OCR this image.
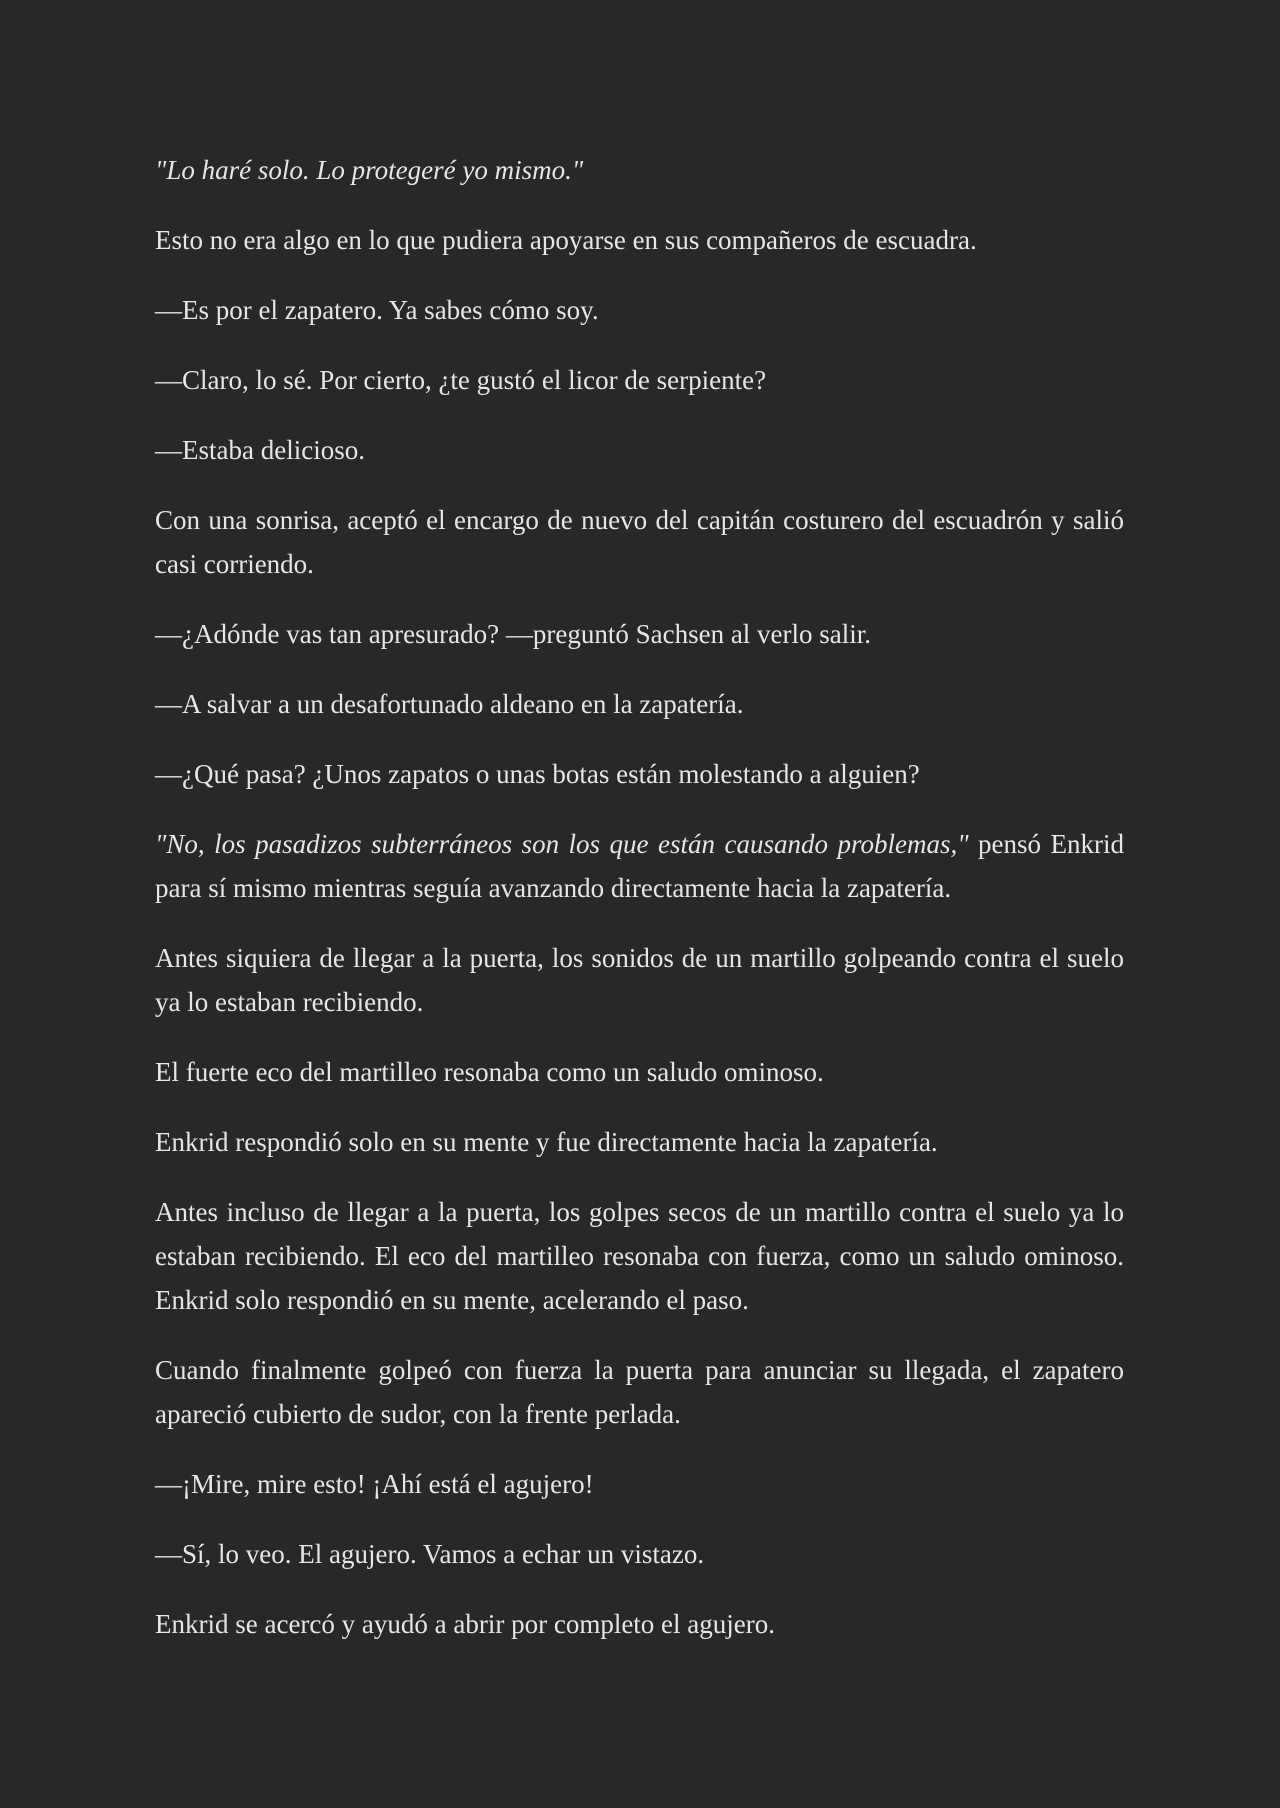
"Lo haré solo. Lo protegeré yo mismo."

Esto no era algo en lo que pudiera apoyarse en sus compañeros de escuadra.

—Es por el zapatero. Ya sabes cómo soy.

—Claro, lo sé. Por cierto, ¿te gustó el licor de serpiente?

—Estaba delicioso.

Con una sonrisa, aceptó el encargo de nuevo del capitán costurero del escuadrón y salió casi corriendo.

—¿Adónde vas tan apresurado? —preguntó Sachsen al verlo salir.

—A salvar a un desafortunado aldeano en la zapatería.

—¿Qué pasa? ¿Unos zapatos o unas botas están molestando a alguien?

"No, los pasadizos subterráneos son los que están causando problemas," pensó Enkrid para sí mismo mientras seguía avanzando directamente hacia la zapatería.

Antes siquiera de llegar a la puerta, los sonidos de un martillo golpeando contra el suelo ya lo estaban recibiendo.

El fuerte eco del martilleo resonaba como un saludo ominoso.

Enkrid respondió solo en su mente y fue directamente hacia la zapatería.

Antes incluso de llegar a la puerta, los golpes secos de un martillo contra el suelo ya lo estaban recibiendo. El eco del martilleo resonaba con fuerza, como un saludo ominoso. Enkrid solo respondió en su mente, acelerando el paso.

Cuando finalmente golpeó con fuerza la puerta para anunciar su llegada, el zapatero apareció cubierto de sudor, con la frente perlada.

—¡Mire, mire esto! ¡Ahí está el agujero!

—Sí, lo veo. El agujero. Vamos a echar un vistazo.

Enkrid se acercó y ayudó a abrir por completo el agujero.
